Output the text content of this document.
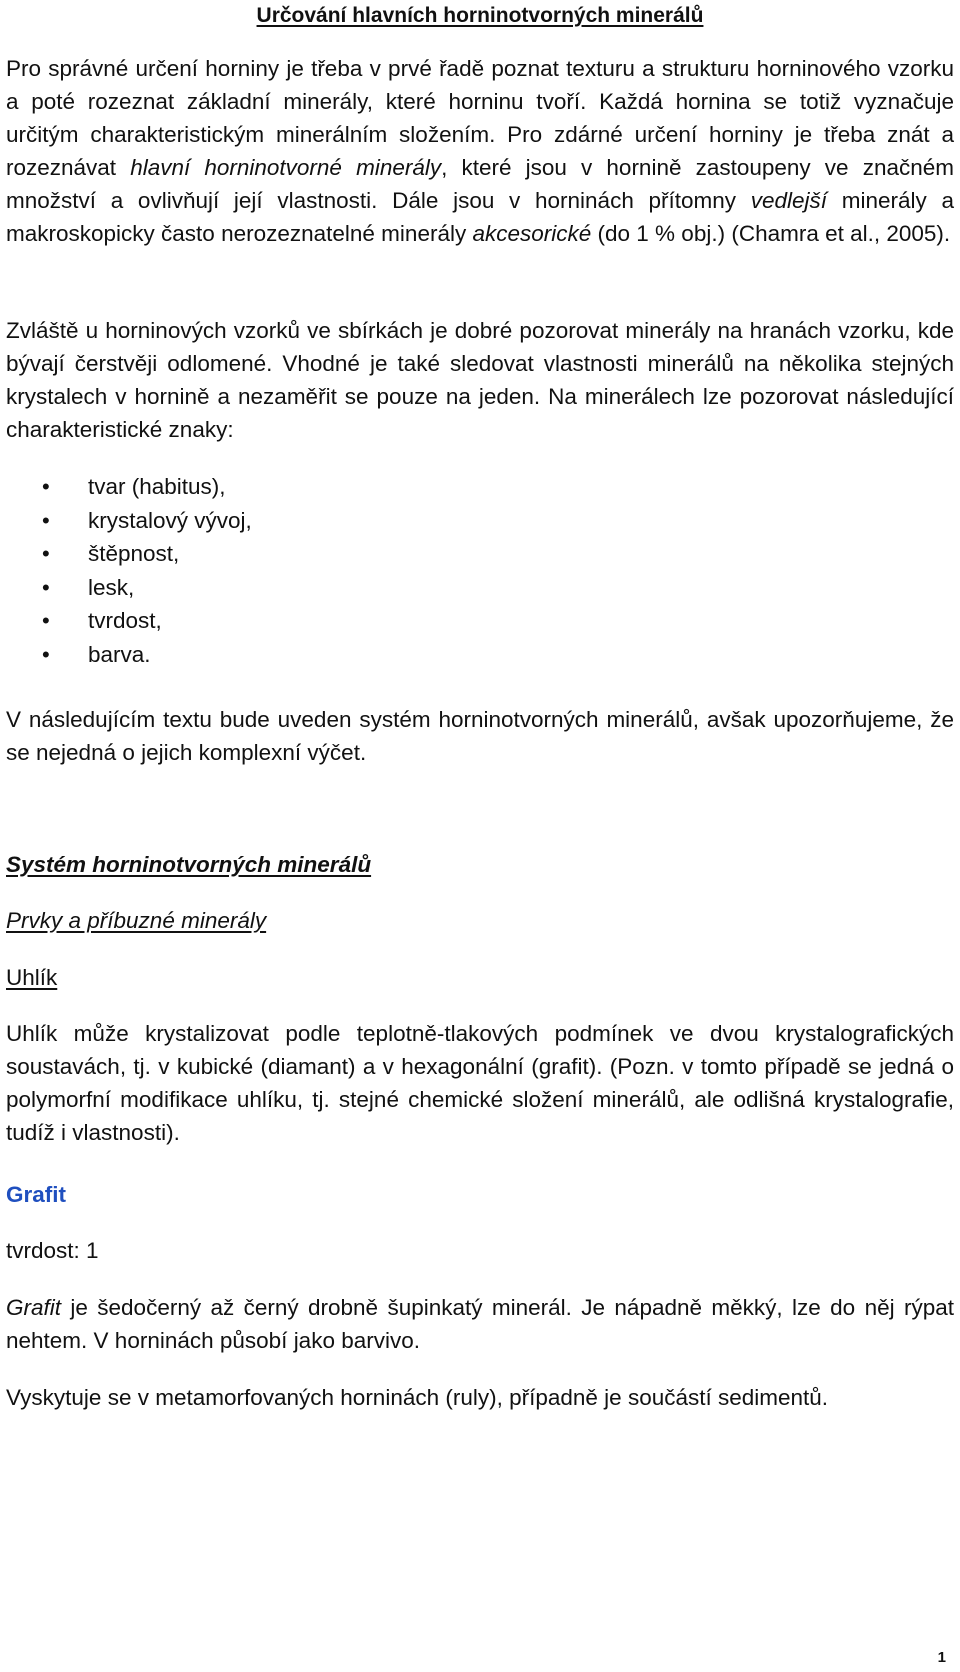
Určování hlavních horninotvorných minerálů

Pro správné určení horniny je třeba v prvé řadě poznat texturu a strukturu horninového vzorku a poté rozeznat základní minerály, které horninu tvoří. Každá hornina se totiž vyznačuje určitým charakteristickým minerálním složením. Pro zdárné určení horniny je třeba znát a rozeznávat hlavní horninotvorné minerály, které jsou v hornině zastoupeny ve značném množství a ovlivňují její vlastnosti. Dále jsou v horninách přítomny vedlejší minerály a makroskopicky často nerozeznatelné minerály akcesorické (do 1 % obj.) (Chamra et al., 2005).

Zvláště u horninových vzorků ve sbírkách je dobré pozorovat minerály na hranách vzorku, kde bývají čerstvěji odlomené. Vhodné je také sledovat vlastnosti minerálů na několika stejných krystalech v hornině a nezaměřit se pouze na jeden. Na minerálech lze pozorovat následující charakteristické znaky:

• tvar (habitus),
• krystalový vývoj,
• štěpnost,
• lesk,
• tvrdost,
• barva.

V následujícím textu bude uveden systém horninotvorných minerálů, avšak upozorňujeme, že se nejedná o jejich komplexní výčet.

Systém horninotvorných minerálů

Prvky a příbuzné minerály

Uhlík

Uhlík může krystalizovat podle teplotně-tlakových podmínek ve dvou krystalografických soustavách, tj. v kubické (diamant) a v hexagonální (grafit). (Pozn. v tomto případě se jedná o polymorfní modifikace uhlíku, tj. stejné chemické složení minerálů, ale odlišná krystalografie, tudíž i vlastnosti).

Grafit

tvrdost: 1

Grafit je šedočerný až černý drobně šupinkatý minerál. Je nápadně měkký, lze do něj rýpat nehtem. V horninách působí jako barvivo.

Vyskytuje se v metamorfovaných horninách (ruly), případně je součástí sedimentů.

1
